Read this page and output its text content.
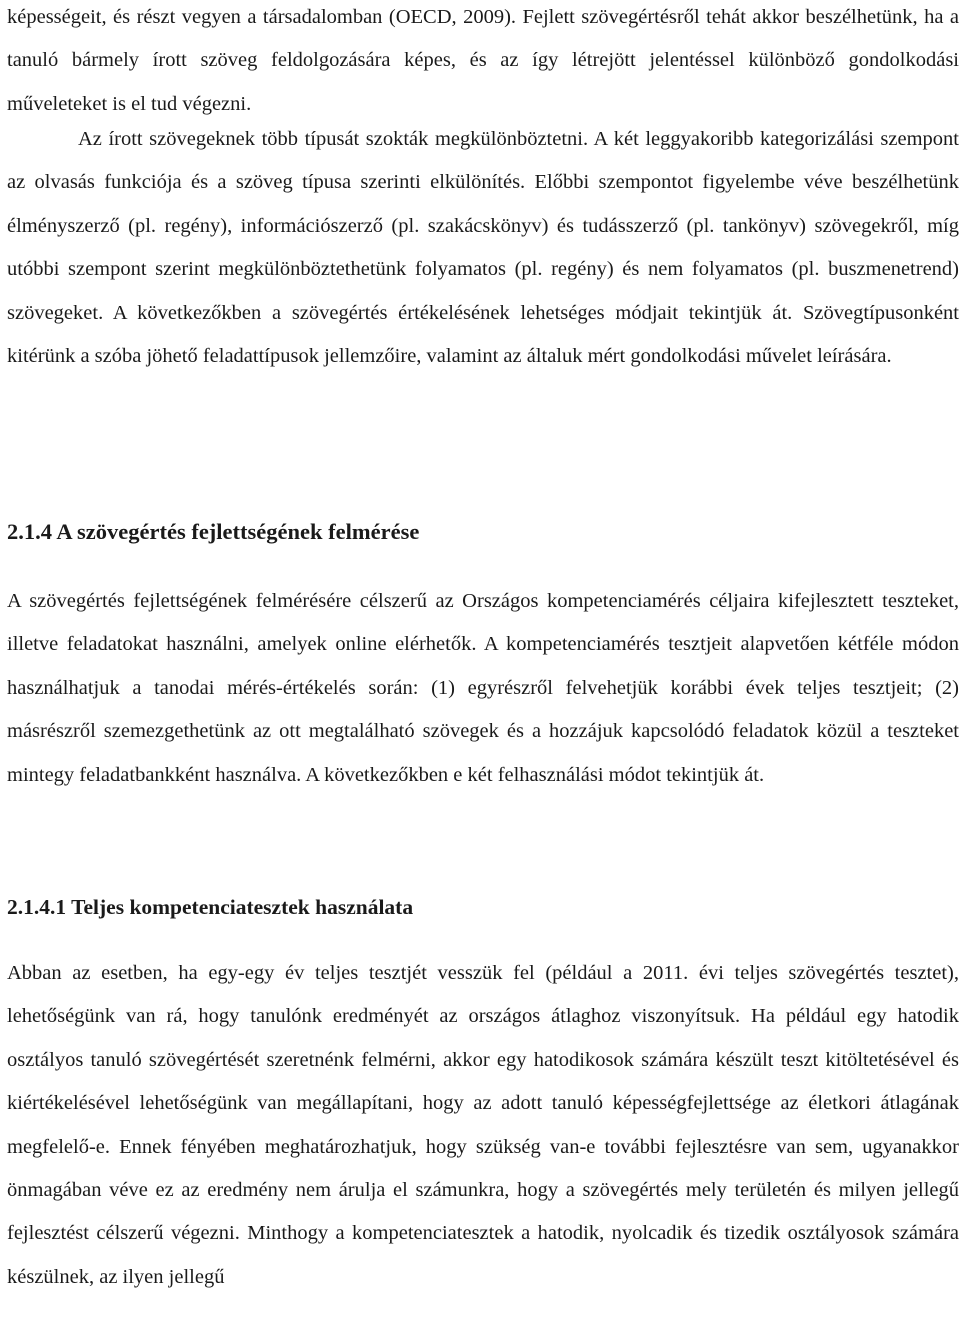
képességeit, és részt vegyen a társadalomban (OECD, 2009). Fejlett szövegértésről tehát akkor beszélhetünk, ha a tanuló bármely írott szöveg feldolgozására képes, és az így létrejött jelentéssel különböző gondolkodási műveleteket is el tud végezni.

Az írott szövegeknek több típusát szokták megkülönböztetni. A két leggyakoribb kategorizálási szempont az olvasás funkciója és a szöveg típusa szerinti elkülönítés. Előbbi szempontot figyelembe véve beszélhetünk élményszerző (pl. regény), információszerző (pl. szakácskönyv) és tudásszerző (pl. tankönyv) szövegekről, míg utóbbi szempont szerint megkülönböztethetünk folyamatos (pl. regény) és nem folyamatos (pl. buszmenetrend) szövegeket. A következőkben a szövegértés értékelésének lehetséges módjait tekintjük át. Szövegtípusonként kitérünk a szóba jöhető feladattípusok jellemzőire, valamint az általuk mért gondolkodási művelet leírására.

2.1.4 A szövegértés fejlettségének felmérése

A szövegértés fejlettségének felmérésére célszerű az Országos kompetenciamérés céljaira kifejlesztett teszteket, illetve feladatokat használni, amelyek online elérhetők. A kompetenciamérés tesztjeit alapvetően kétféle módon használhatjuk a tanodai mérés-értékelés során: (1) egyrészről felvehetjük korábbi évek teljes tesztjeit; (2) másrészről szemezgethetünk az ott megtalálható szövegek és a hozzájuk kapcsolódó feladatok közül a teszteket mintegy feladatbankként használva. A következőkben e két felhasználási módot tekintjük át.

2.1.4.1 Teljes kompetenciatesztek használata

Abban az esetben, ha egy-egy év teljes tesztjét vesszük fel (például a 2011. évi teljes szövegértés tesztet), lehetőségünk van rá, hogy tanulónk eredményét az országos átlaghoz viszonyítsuk. Ha például egy hatodik osztályos tanuló szövegértését szeretnénk felmérni, akkor egy hatodikosok számára készült teszt kitöltetésével és kiértékelésével lehetőségünk van megállapítani, hogy az adott tanuló képességfejlettsége az életkori átlagának megfelelő-e. Ennek fényében meghatározhatjuk, hogy szükség van-e további fejlesztésre van sem, ugyanakkor önmagában véve ez az eredmény nem árulja el számunkra, hogy a szövegértés mely területén és milyen jellegű fejlesztést célszerű végezni. Minthogy a kompetenciatesztek a hatodik, nyolcadik és tizedik osztályosok számára készülnek, az ilyen jellegű
